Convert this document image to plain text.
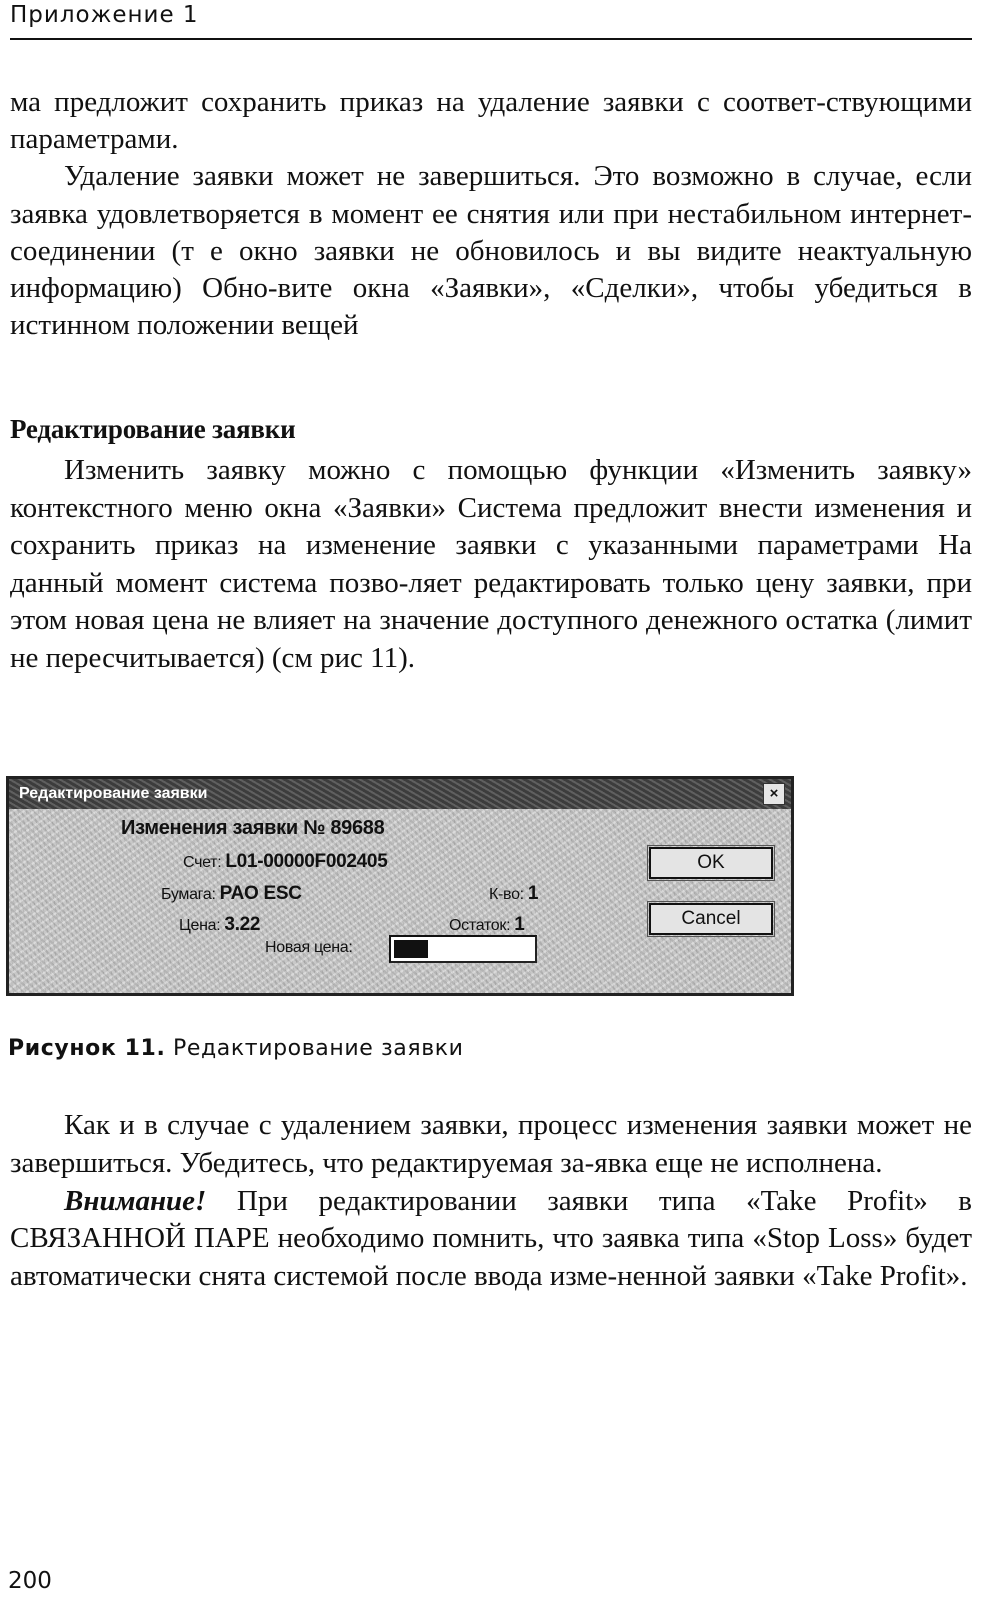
Приложение 1

ма предложит сохранить приказ на удаление заявки с соответ-ствующими параметрами.

Удаление заявки может не завершиться. Это возможно в случае, если заявка удовлетворяется в момент ее снятия или при нестабильном интернет-соединении (т е окно заявки не обновилось и вы видите неактуальную информацию) Обно-вите окна «Заявки», «Сделки», чтобы убедиться в истинном положении вещей

Редактирование заявки

Изменить заявку можно с помощью функции «Изменить заявку» контекстного меню окна «Заявки» Система предложит внести изменения и сохранить приказ на изменение заявки с указанными параметрами На данный момент система позво-ляет редактировать только цену заявки, при этом новая цена не влияет на значение доступного денежного остатка (лимит не пересчитывается) (см рис 11).

Редактирование заявки	×
Изменения заявки № 89688
Счет: L01-00000F002405
Бумага: PAO ESC	К-во: 1
Цена: 3.22	Остаток: 1
Новая цена:
OK
Cancel
Рисунок 11. Редактирование заявки

Как и в случае с удалением заявки, процесс изменения заявки может не завершиться. Убедитесь, что редактируемая за-явка еще не исполнена.

Внимание! При редактировании заявки типа «Take Profit» в СВЯЗАННОЙ ПАРЕ необходимо помнить, что заявка типа «Stop Loss» будет автоматически снята системой после ввода изме-ненной заявки «Take Profit».

200
